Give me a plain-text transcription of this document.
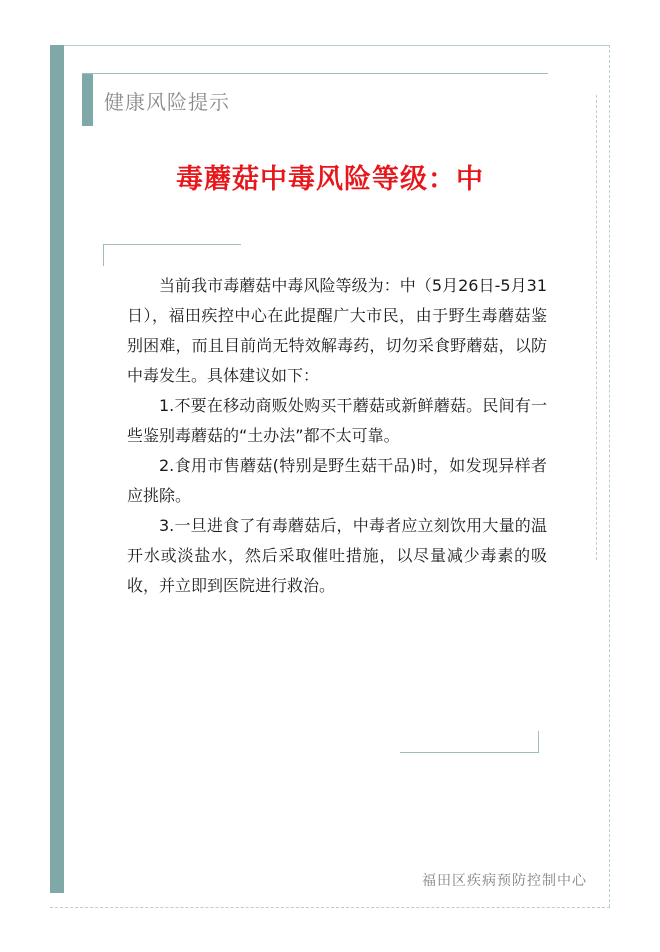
健康风险提示
毒蘑菇中毒风险等级：中

当前我市毒蘑菇中毒风险等级为：中（5月26日-5月31日），福田疾控中心在此提醒广大市民，由于野生毒蘑菇鉴别困难，而且目前尚无特效解毒药，切勿采食野蘑菇，以防中毒发生。具体建议如下：

1.不要在移动商贩处购买干蘑菇或新鲜蘑菇。民间有一些鉴别毒蘑菇的“土办法”都不太可靠。

2.食用市售蘑菇(特别是野生菇干品)时，如发现异样者应挑除。

3.一旦进食了有毒蘑菇后，中毒者应立刻饮用大量的温开水或淡盐水，然后采取催吐措施，以尽量减少毒素的吸收，并立即到医院进行救治。

福田区疾病预防控制中心
